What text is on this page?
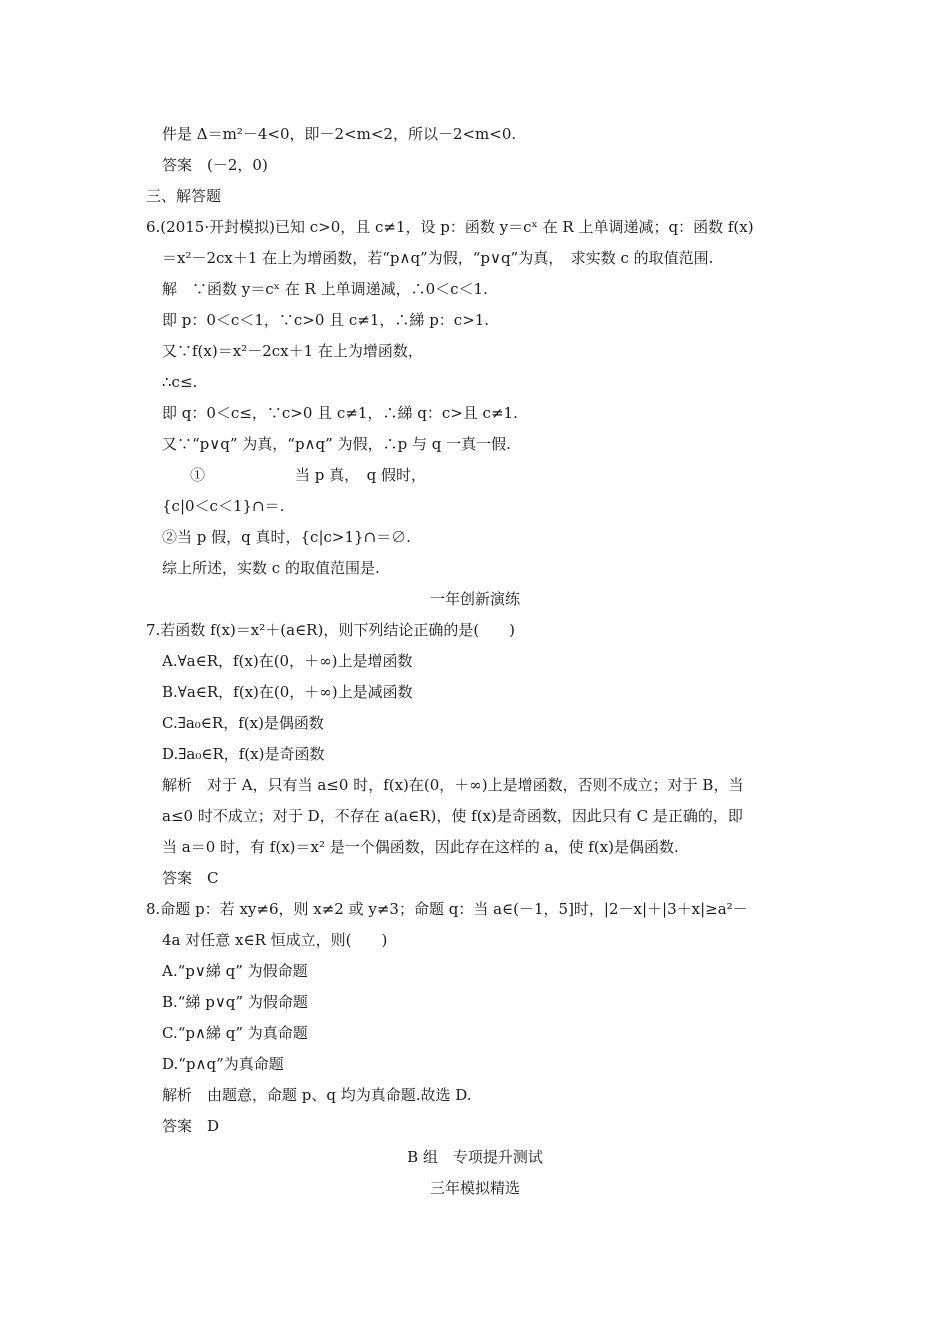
件是 Δ＝m²－4<0，即－2<m<2，所以－2<m<0.
答案　(－2，0)
三、解答题
6.(2015·开封模拟)已知 c>0，且 c≠1，设 p：函数 y＝cˣ 在 R 上单调递减；q：函数 f(x)
＝x²－2cx＋1 在上为增函数，若“p∧q”为假，“p∨q”为真，　求实数 c 的取值范围.
解　∵函数 y＝cˣ 在 R 上单调递减，∴0＜c＜1.
即 p：0＜c＜1，∵c>0 且 c≠1，∴綈 p：c>1.
又∵f(x)＝x²－2cx＋1 在上为增函数，
∴c≤.
即 q：0＜c≤，∵c>0 且 c≠1，∴綈 q：c>且 c≠1.
又∵“p∨q” 为真，“p∧q” 为假，∴p 与 q 一真一假.
①　　　　　　当 p 真，　q 假时，
{c|0＜c＜1}∩＝.
②当 p 假，q 真时，{c|c>1}∩＝∅.
综上所述，实数 c 的取值范围是.
一年创新演练
7.若函数 f(x)＝x²＋(a∈R)，则下列结论正确的是(　　)
A.∀a∈R，f(x)在(0，＋∞)上是增函数
B.∀a∈R，f(x)在(0，＋∞)上是减函数
C.∃a₀∈R，f(x)是偶函数
D.∃a₀∈R，f(x)是奇函数
解析　对于 A，只有当 a≤0 时，f(x)在(0，＋∞)上是增函数，否则不成立；对于 B，当
a≤0 时不成立；对于 D，不存在 a(a∈R)，使 f(x)是奇函数，因此只有 C 是正确的，即
当 a＝0 时，有 f(x)＝x² 是一个偶函数，因此存在这样的 a，使 f(x)是偶函数.
答案　C
8.命题 p：若 xy≠6，则 x≠2 或 y≠3；命题 q：当 a∈(－1，5]时，|2－x|＋|3＋x|≥a²－
4a 对任意 x∈R 恒成立，则(　　)
A.“p∨綈 q” 为假命题
B.“綈 p∨q” 为假命题
C.“p∧綈 q” 为真命题
D.“p∧q”为真命题
解析　由题意，命题 p、q 均为真命题.故选 D.
答案　D
B 组　专项提升测试
三年模拟精选
